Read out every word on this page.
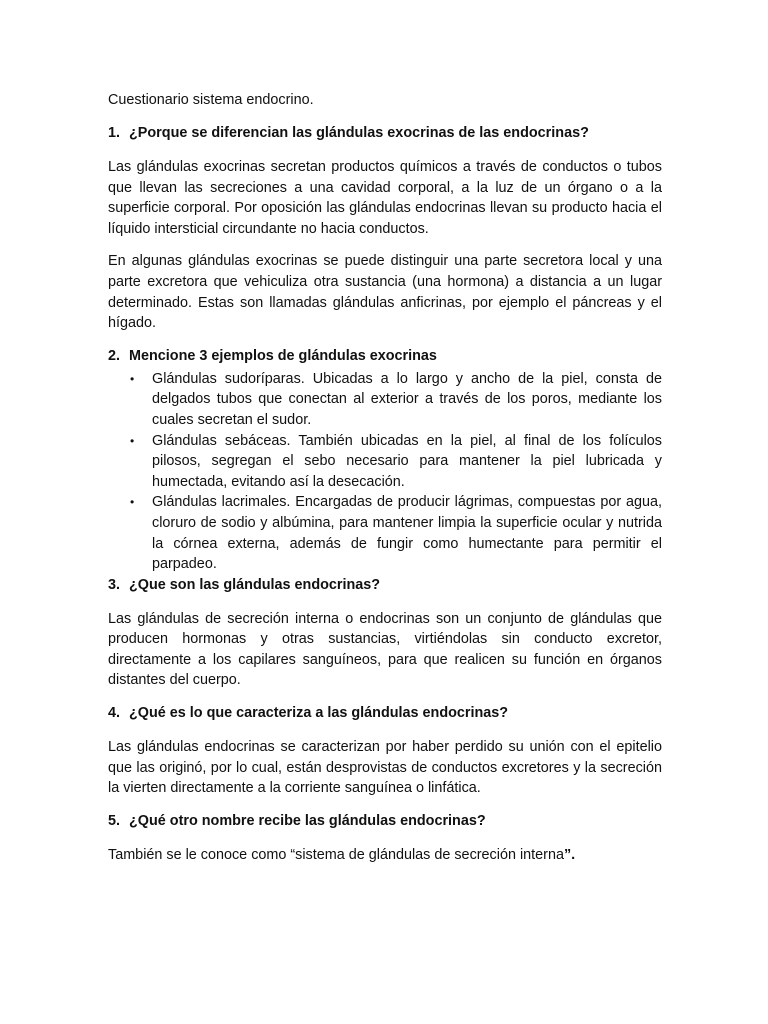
Cuestionario sistema endocrino.
1. ¿Porque se diferencian las glándulas exocrinas de las endocrinas?

Las glándulas exocrinas secretan productos químicos a través de conductos o tubos que llevan las secreciones a una cavidad corporal, a la luz de un órgano o a la superficie corporal. Por oposición las glándulas endocrinas llevan su producto hacia el líquido intersticial circundante no hacia conductos.

En algunas glándulas exocrinas se puede distinguir una parte secretora local y una parte excretora que vehiculiza otra sustancia (una hormona) a distancia a un lugar determinado. Estas son llamadas glándulas anficrinas, por ejemplo el páncreas y el hígado.

2. Mencione 3 ejemplos de glándulas exocrinas
•	Glándulas sudoríparas. Ubicadas a lo largo y ancho de la piel, consta de delgados tubos que conectan al exterior a través de los poros, mediante los cuales secretan el sudor.
•	Glándulas sebáceas. También ubicadas en la piel, al final de los folículos pilosos, segregan el sebo necesario para mantener la piel lubricada y humectada, evitando así la desecación.
•	Glándulas lacrimales. Encargadas de producir lágrimas, compuestas por agua, cloruro de sodio y albúmina, para mantener limpia la superficie ocular y nutrida la córnea externa, además de fungir como humectante para permitir el parpadeo.
3. ¿Que son las glándulas endocrinas?

Las glándulas de secreción interna o endocrinas son un conjunto de glándulas que producen hormonas y otras sustancias, virtiéndolas sin conducto excretor, directamente a los capilares sanguíneos, para que realicen su función en órganos distantes del cuerpo.

4. ¿Qué es lo que caracteriza a las glándulas endocrinas?

Las glándulas endocrinas se caracterizan por haber perdido su unión con el epitelio que las originó, por lo cual, están desprovistas de conductos excretores y la secreción la vierten directamente a la corriente sanguínea o linfática.

5. ¿Qué otro nombre recibe las glándulas endocrinas?

También se le conoce como “sistema de glándulas de secreción interna”.
